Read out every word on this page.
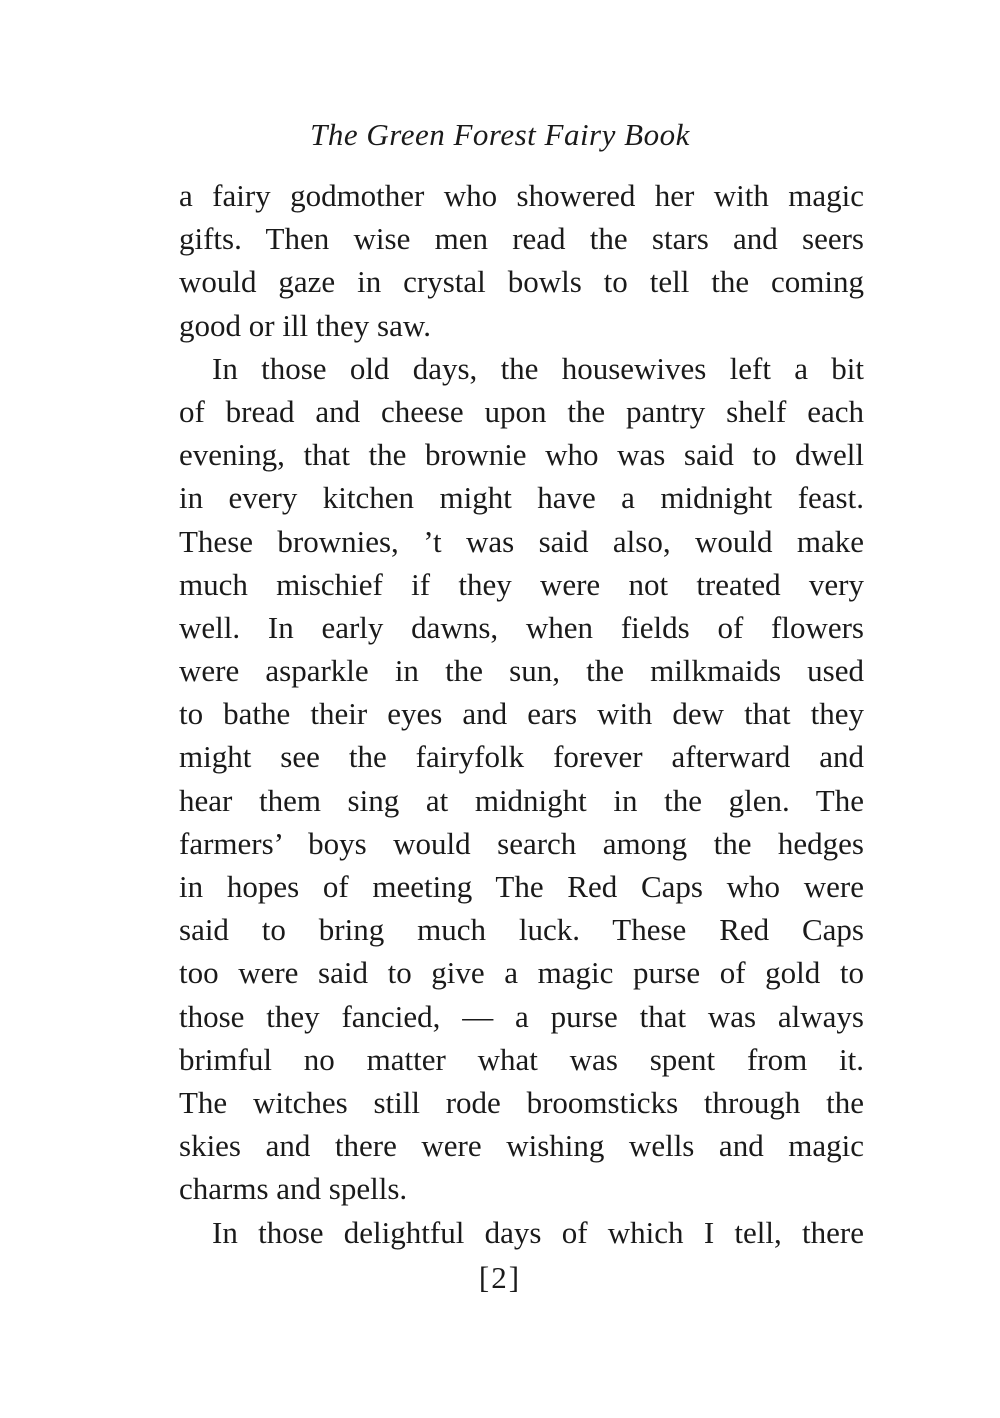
The Green Forest Fairy Book

a fairy godmother who showered her with magic
gifts. Then wise men read the stars and seers
would gaze in crystal bowls to tell the coming
good or ill they saw.

In those old days, the housewives left a bit
of bread and cheese upon the pantry shelf each
evening, that the brownie who was said to dwell
in every kitchen might have a midnight feast.
These brownies, ’t was said also, would make
much mischief if they were not treated very
well. In early dawns, when fields of flowers
were asparkle in the sun, the milkmaids used
to bathe their eyes and ears with dew that they
might see the fairyfolk forever afterward and
hear them sing at midnight in the glen. The
farmers’ boys would search among the hedges
in hopes of meeting The Red Caps who were
said to bring much luck. These Red Caps
too were said to give a magic purse of gold to
those they fancied, — a purse that was always
brimful no matter what was spent from it.
The witches still rode broomsticks through the
skies and there were wishing wells and magic
charms and spells.

In those delightful days of which I tell, there

[2]
